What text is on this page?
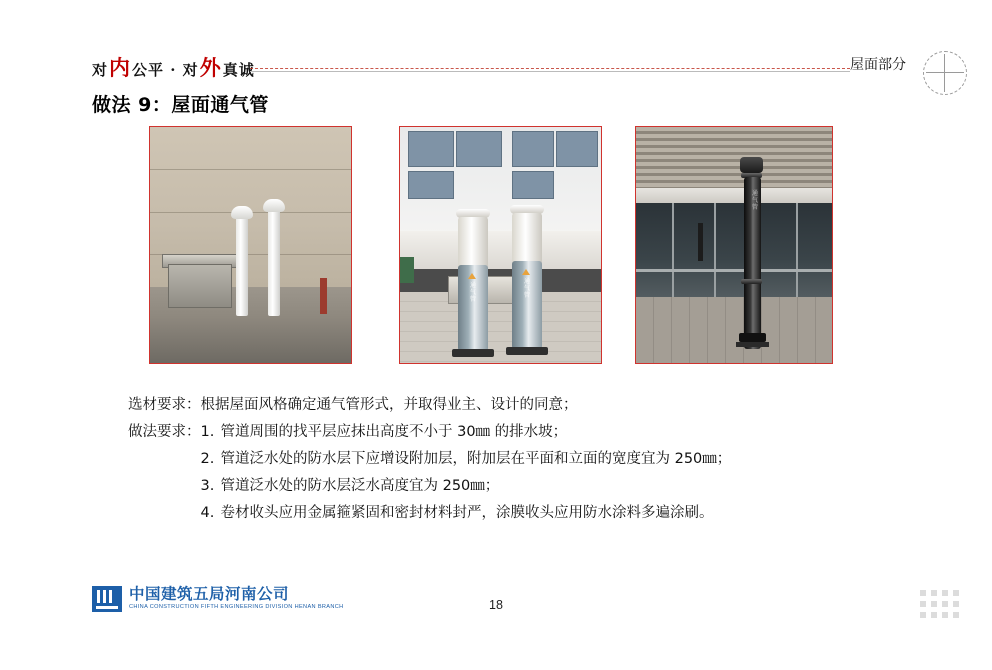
对内公平 · 对外真诚	屋面部分
做法 9：屋面通气管
通
气
管
通
气
管
通
气
管
选材要求： 根据屋面风格确定通气管形式，并取得业主、设计的同意；
做法要求： 1. 管道周围的找平层应抹出高度不小于 30㎜ 的排水坡；
2. 管道泛水处的防水层下应增设附加层，附加层在平面和立面的宽度宜为 250㎜；
3. 管道泛水处的防水层泛水高度宜为 250㎜；
4. 卷材收头应用金属箍紧固和密封材料封严，涂膜收头应用防水涂料多遍涂刷。
中国建筑五局河南公司
CHINA CONSTRUCTION FIFTH ENGINEERING DIVISION HENAN BRANCH	18
